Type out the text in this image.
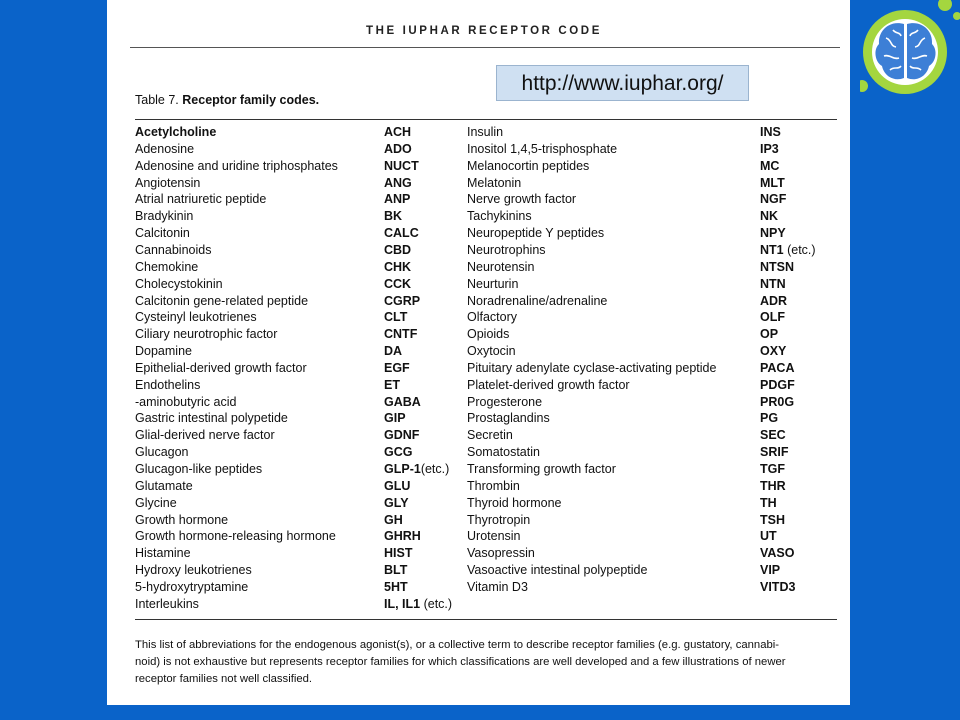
THE IUPHAR RECEPTOR CODE
Table 7. Receptor family codes.
Acetylcholine	ACH	Insulin	INS
Adenosine	ADO	Inositol 1,4,5-trisphosphate	IP3
Adenosine and uridine triphosphates	NUCT	Melanocortin peptides	MC
Angiotensin	ANG	Melatonin	MLT
Atrial natriuretic peptide	ANP	Nerve growth factor	NGF
Bradykinin	BK	Tachykinins	NK
Calcitonin	CALC	Neuropeptide Y peptides	NPY
Cannabinoids	CBD	Neurotrophins	NT1 (etc.)
Chemokine	CHK	Neurotensin	NTSN
Cholecystokinin	CCK	Neurturin	NTN
Calcitonin gene-related peptide	CGRP	Noradrenaline/adrenaline	ADR
Cysteinyl leukotrienes	CLT	Olfactory	OLF
Ciliary neurotrophic factor	CNTF	Opioids	OP
Dopamine	DA	Oxytocin	OXY
Epithelial-derived growth factor	EGF	Pituitary adenylate cyclase-activating peptide	PACA
Endothelins	ET	Platelet-derived growth factor	PDGF
-aminobutyric acid	GABA	Progesterone	PR0G
Gastric intestinal polypetide	GIP	Prostaglandins	PG
Glial-derived nerve factor	GDNF	Secretin	SEC
Glucagon	GCG	Somatostatin	SRIF
Glucagon-like peptides	GLP-1(etc.) Transforming growth factor	TGF
Glutamate	GLU	Thrombin	THR
Glycine	GLY	Thyroid hormone	TH
Growth hormone	GH	Thyrotropin	TSH
Growth hormone-releasing hormone	GHRH	Urotensin	UT
Histamine	HIST	Vasopressin	VASO
Hydroxy leukotrienes	BLT	Vasoactive intestinal polypeptide	VIP
5-hydroxytryptamine	5HT	Vitamin D3	VITD3
Interleukins	IL, IL1 (etc.)
This list of abbreviations for the endogenous agonist(s), or a collective term to describe receptor families (e.g. gustatory, cannabi-
noid) is not exhaustive but represents receptor families for which classifications are well developed and a few illustrations of newer
receptor families not well classified.
http://www.iuphar.org/
